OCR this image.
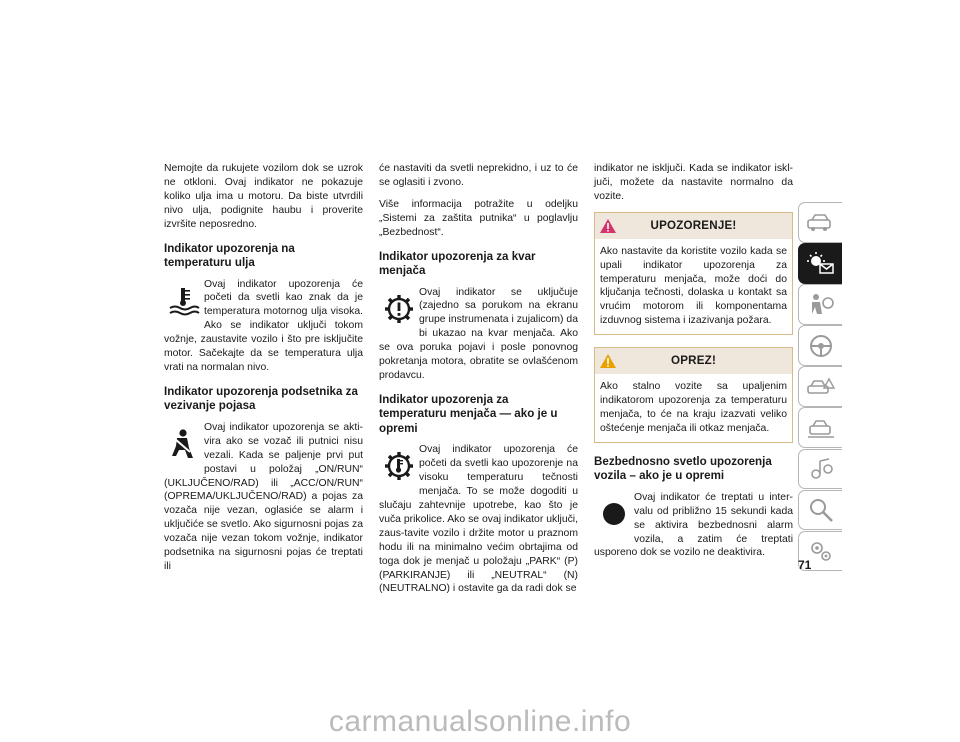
Nemojte da rukujete vozilom dok se uzrok ne otkloni. Ovaj indikator ne pokazuje koliko ulja ima u motoru. Da biste utvrdili nivo ulja, podignite haubu i proverite izvršite neposredno.

Indikator upozorenja na temperaturu ulja
Ovaj indikator upozorenja će početi da svetli kao znak da je temperatura motornog ulja visoka. Ako se indikator uključi tokom vožnje, zaustavite vozilo i što pre isključite motor. Sačekajte da se temperatura ulja vrati na normalan nivo.
Indikator upozorenja podsetnika za vezivanje pojasa
Ovaj indikator upozorenja se akti-vira ako se vozač ili putnici nisu vezali. Kada se paljenje prvi put postavi u položaj „ON/RUN“ (UKLJUČENO/RAD) ili „ACC/ON/RUN“ (OPREMA/UKLJUČENO/RAD) a pojas za vozača nije vezan, oglasiće se alarm i uključiće se svetlo. Ako sigurnosni pojas za vozača nije vezan tokom vožnje, indikator podsetnika na sigurnosni pojas će treptati ili

će nastaviti da svetli neprekidno, i uz to će se oglasiti i zvono.

Više informacija potražite u odeljku „Sistemi za zaštita putnika“ u poglavlju „Bezbednost“.

Indikator upozorenja za kvar menjača
Ovaj indikator se uključuje (zajedno sa porukom na ekranu grupe instrumenata i zujalicom) da bi ukazao na kvar menjača. Ako se ova poruka pojavi i posle ponovnog pokretanja motora, obratite se ovlašćenom prodavcu.
Indikator upozorenja za temperaturu menjača — ako je u opremi
Ovaj indikator upozorenja će početi da svetli kao upozorenje na visoku temperaturu tečnosti menjača. To se može dogoditi u slučaju zahtevnije upotrebe, kao što je vuča prikolice. Ako se ovaj indikator uključi, zaus-tavite vozilo i držite motor u praznom hodu ili na minimalno većim obrtajima od toga dok je menjač u položaju „PARK“ (P) (PARKIRANJE) ili „NEUTRAL“ (N) (NEUTRALNO) i ostavite ga da radi dok se

indikator ne isključi. Kada se indikator iskl-juči, možete da nastavite normalno da vozite.

UPOZORENJE!
Ako nastavite da koristite vozilo kada se upali indikator upozorenja za temperaturu menjača, može doći do ključanja tečnosti, dolaska u kontakt sa vrućim motorom ili komponentama izduvnog sistema i izazivanja požara.
OPREZ!
Ako stalno vozite sa upaljenim indikatorom upozorenja za temperaturu menjača, to će na kraju izazvati veliko oštećenje menjača ili otkaz menjača.
Bezbednosno svetlo upozorenja vozila – ako je u opremi
Ovaj indikator će treptati u inter-valu od približno 15 sekundi kada se aktivira bezbednosni alarm vozila, a zatim će treptati usporeno dok se vozilo ne deaktivira.
71
carmanualsonline.info
